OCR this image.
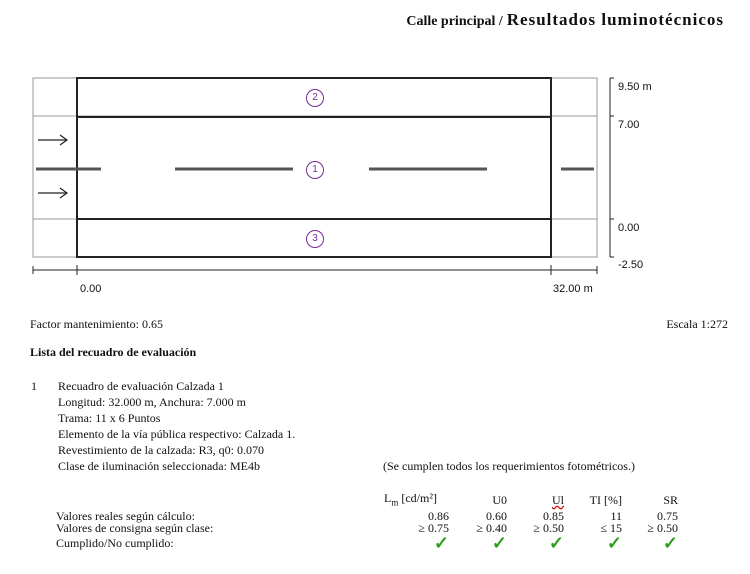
Calle principal / Resultados luminotécnicos
2
1
3
9.50 m
7.00
0.00
-2.50
0.00	32.00 m
Factor mantenimiento: 0.65	Escala 1:272
Lista del recuadro de evaluación
1 Recuadro de evaluación Calzada 1
Longitud: 32.000 m, Anchura: 7.000 m
Trama: 11 x 6 Puntos
Elemento de la vía pública respectivo: Calzada 1.
Revestimiento de la calzada: R3, q0: 0.070
Clase de iluminación seleccionada: ME4b	(Se cumplen todos los requerimientos fotométricos.)
	$L_m$ [cd/m²]	U0	Ul	TI [%]	SR
Valores reales según cálculo:	0.86	0.60	0.85	11	0.75
Valores de consigna según clase:	≥ 0.75	≥ 0.40	≥ 0.50	≤ 15	≥ 0.50
Cumplido/No cumplido:	✓	✓	✓	✓	✓
